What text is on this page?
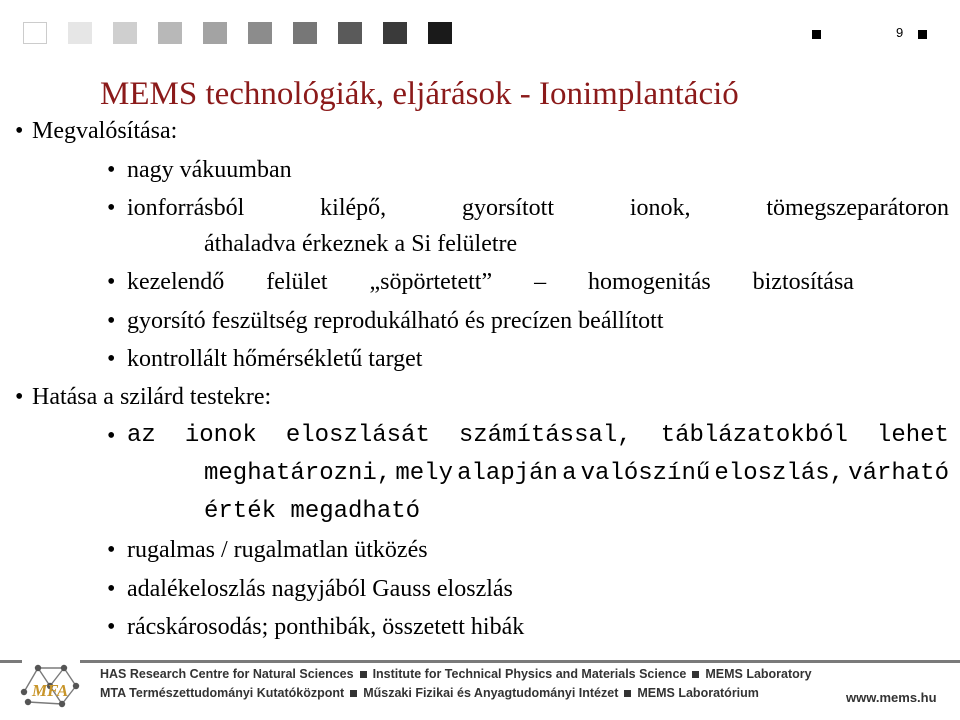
9
MEMS technológiák, eljárások - Ionimplantáció
• Megvalósítása:
• nagy vákuumban
• ionforrásból	kilépő,	gyorsított	ionok,	tömegszeparátoron
áthaladva érkeznek a Si felületre
• kezelendő felület „söpörtetett” – homogenitás biztosítása
• gyorsító feszültség reprodukálható és precízen beállított
• kontrollált hőmérsékletű target
• Hatása a szilárd testekre:
• az ionok eloszlását számítással, táblázatokból lehet
meghatározni, mely alapján a valószínű eloszlás, várható
érték megadható
• rugalmas / rugalmatlan ütközés
• adalékeloszlás nagyjából Gauss eloszlás
• rácskárosodás; ponthibák, összetett hibák
MFA
HAS Research Centre for Natural Sciences Institute for Technical Physics and Materials Science MEMS Laboratory
MTA Természettudományi Kutatóközpont Műszaki Fizikai és Anyagtudományi Intézet MEMS Laboratórium	www.mems.hu
